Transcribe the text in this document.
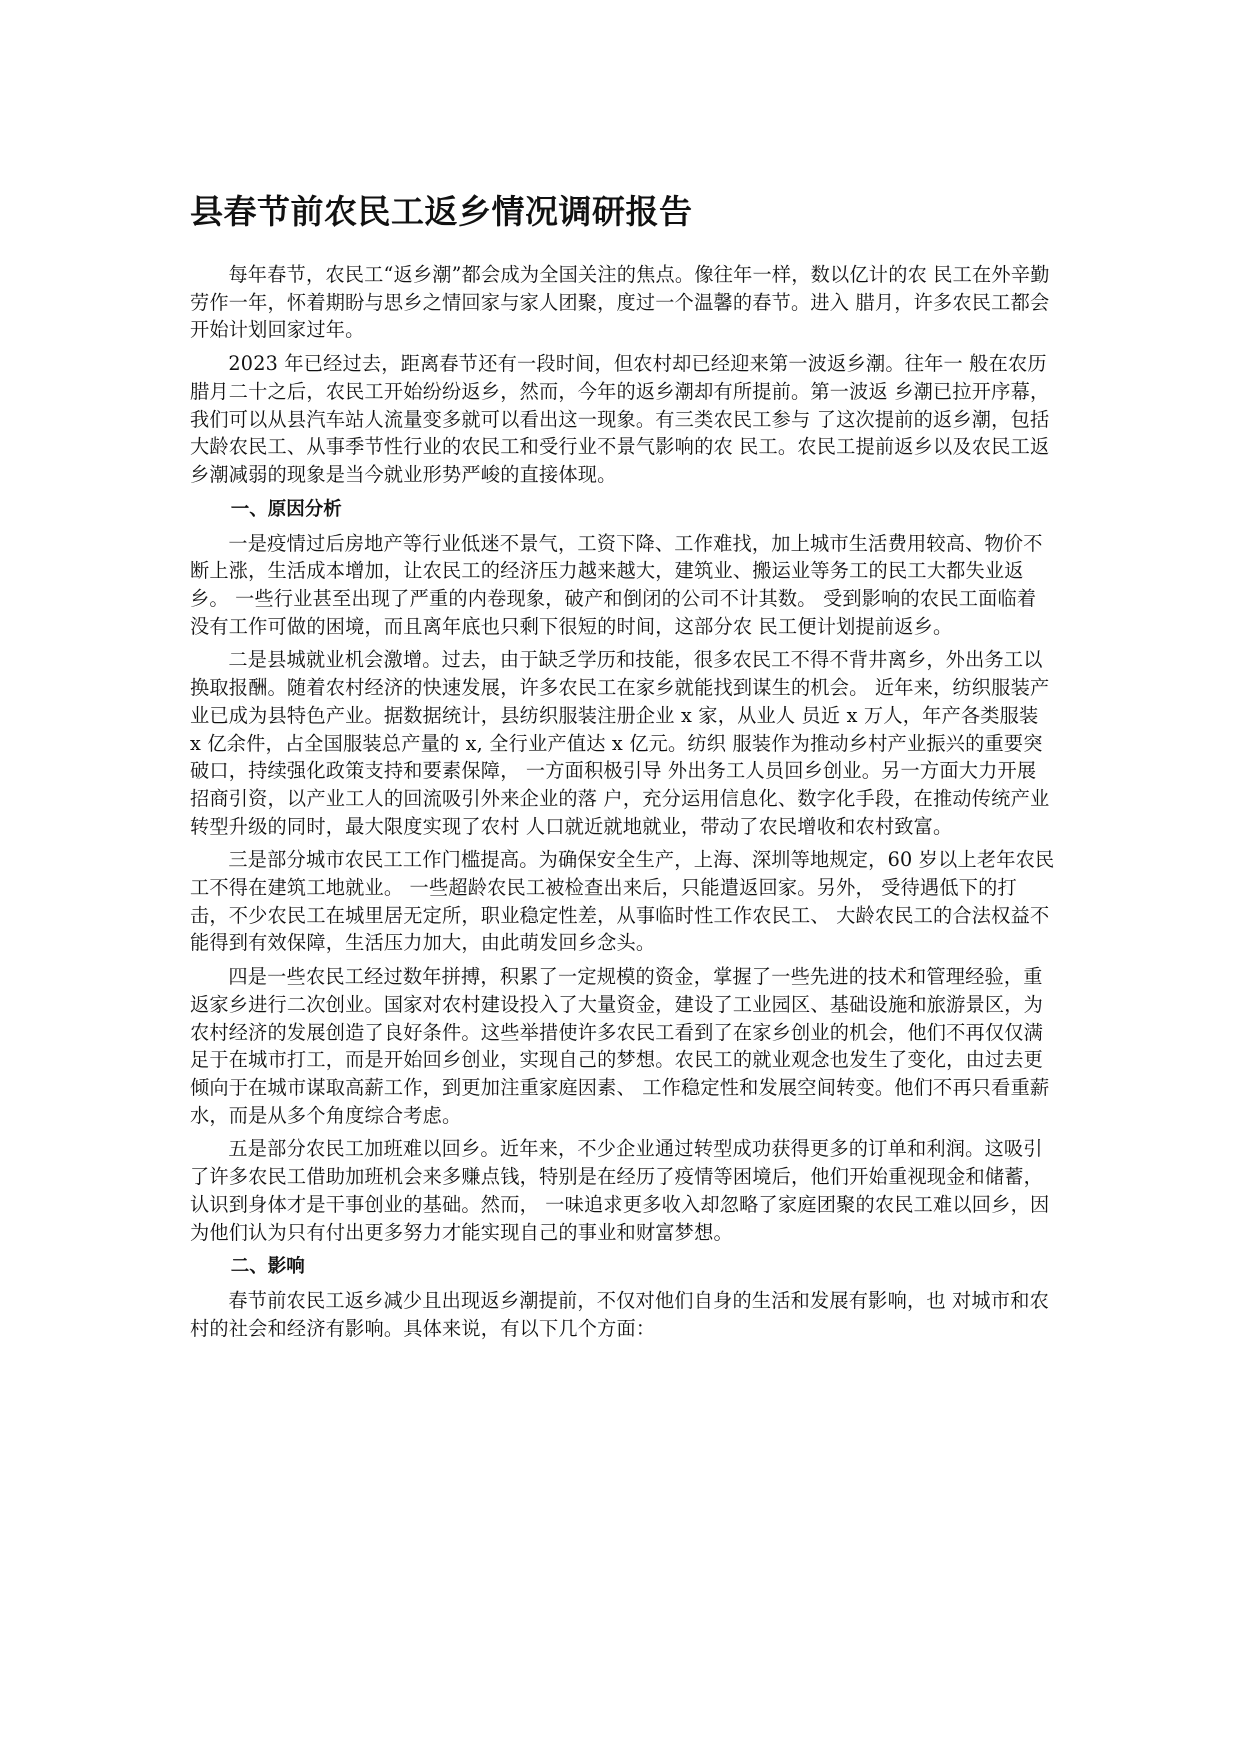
县春节前农民工返乡情况调研报告

每年春节，农民工“返乡潮”都会成为全国关注的焦点。像往年一样，数以亿计的农 民工在外辛勤劳作一年，怀着期盼与思乡之情回家与家人团聚，度过一个温馨的春节。进入 腊月，许多农民工都会开始计划回家过年。

2023 年已经过去，距离春节还有一段时间，但农村却已经迎来第一波返乡潮。往年一 般在农历腊月二十之后，农民工开始纷纷返乡，然而，今年的返乡潮却有所提前。第一波返 乡潮已拉开序幕，我们可以从县汽车站人流量变多就可以看出这一现象。有三类农民工参与 了这次提前的返乡潮，包括大龄农民工、从事季节性行业的农民工和受行业不景气影响的农 民工。农民工提前返乡以及农民工返乡潮减弱的现象是当今就业形势严峻的直接体现。

一、原因分析

一是疫情过后房地产等行业低迷不景气，工资下降、工作难找，加上城市生活费用较高、物价不断上涨，生活成本增加，让农民工的经济压力越来越大，建筑业、搬运业等务工的民工大都失业返乡。 一些行业甚至出现了严重的内卷现象，破产和倒闭的公司不计其数。 受到影响的农民工面临着没有工作可做的困境，而且离年底也只剩下很短的时间，这部分农 民工便计划提前返乡。

二是县城就业机会激增。过去，由于缺乏学历和技能，很多农民工不得不背井离乡，外出务工以换取报酬。随着农村经济的快速发展，许多农民工在家乡就能找到谋生的机会。 近年来，纺织服装产业已成为县特色产业。据数据统计，县纺织服装注册企业 x 家，从业人 员近 x 万人，年产各类服装 x 亿余件，占全国服装总产量的 x, 全行业产值达 x 亿元。纺织 服装作为推动乡村产业振兴的重要突破口，持续强化政策支持和要素保障， 一方面积极引导 外出务工人员回乡创业。另一方面大力开展招商引资，以产业工人的回流吸引外来企业的落 户，充分运用信息化、数字化手段，在推动传统产业转型升级的同时，最大限度实现了农村 人口就近就地就业，带动了农民增收和农村致富。

三是部分城市农民工工作门槛提高。为确保安全生产，上海、深圳等地规定，60 岁以上老年农民工不得在建筑工地就业。 一些超龄农民工被检查出来后，只能遣返回家。另外， 受待遇低下的打击，不少农民工在城里居无定所，职业稳定性差，从事临时性工作农民工、 大龄农民工的合法权益不能得到有效保障，生活压力加大，由此萌发回乡念头。

四是一些农民工经过数年拼搏，积累了一定规模的资金，掌握了一些先进的技术和管理经验，重返家乡进行二次创业。国家对农村建设投入了大量资金，建设了工业园区、基础设施和旅游景区，为农村经济的发展创造了良好条件。这些举措使许多农民工看到了在家乡创业的机会，他们不再仅仅满足于在城市打工，而是开始回乡创业，实现自己的梦想。农民工的就业观念也发生了变化，由过去更倾向于在城市谋取高薪工作，到更加注重家庭因素、 工作稳定性和发展空间转变。他们不再只看重薪水，而是从多个角度综合考虑。

五是部分农民工加班难以回乡。近年来，不少企业通过转型成功获得更多的订单和利润。这吸引了许多农民工借助加班机会来多赚点钱，特别是在经历了疫情等困境后，他们开始重视现金和储蓄，认识到身体才是干事创业的基础。然而， 一味追求更多收入却忽略了家庭团聚的农民工难以回乡，因为他们认为只有付出更多努力才能实现自己的事业和财富梦想。

二、影响

春节前农民工返乡减少且出现返乡潮提前，不仅对他们自身的生活和发展有影响，也 对城市和农村的社会和经济有影响。具体来说，有以下几个方面：
